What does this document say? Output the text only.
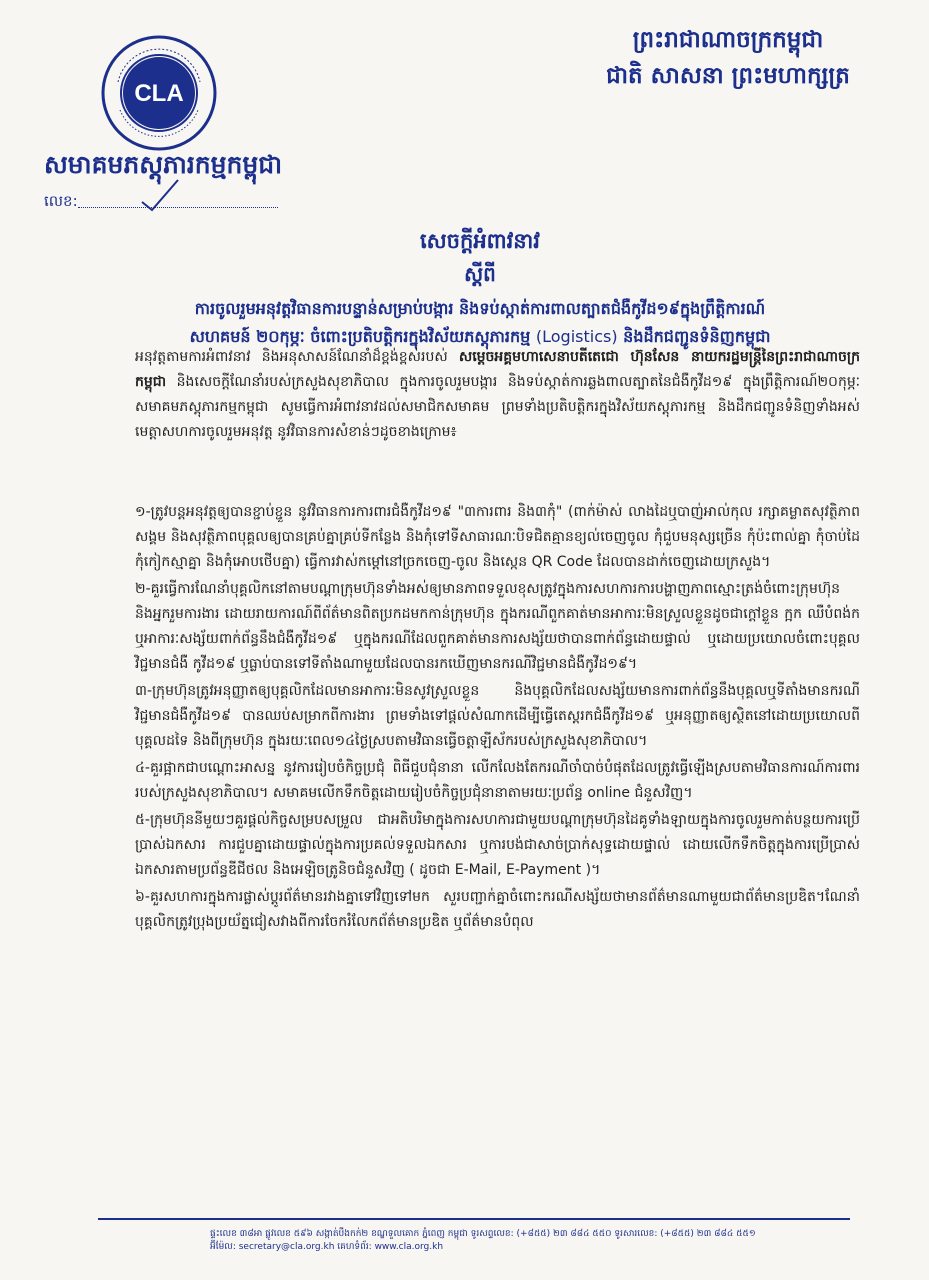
CLA
សមាគមភស្តុភារកម្មកម្ពុជា
លេខ:
ព្រះរាជាណាចក្រកម្ពុជា
ជាតិ សាសនា ព្រះមហាក្សត្រ
សេចក្តីអំពាវនាវ
ស្តីពី
ការចូលរួមអនុវត្តវិធានការបន្ទាន់សម្រាប់បង្ការ និងទប់ស្កាត់ការពាលត្បាតជំងឺកូវីដ១៩ក្នុងព្រឹត្តិការណ៍
សហគមន៍ ២០កុម្ភៈ ចំពោះប្រតិបត្តិករក្នុងវិស័យភស្តុភារកម្ម (Logistics) និងដឹកជញ្ជូនទំនិញកម្ពុជា
អនុវត្តតាមការអំពាវនាវ និងអនុសាសន៍ណែនាំដ៏ខ្ពង់ខ្ពស់របស់ សម្តេចអគ្គមហាសេនាបតីតេជោ ហ៊ុនសែន នាយករដ្ឋមន្ត្រីនៃព្រះរាជាណាចក្រកម្ពុជា និងសេចក្តីណែនាំរបស់ក្រសួងសុខាភិបាល ក្នុងការចូលរួមបង្ការ និងទប់ស្កាត់ការឆ្លងពាលត្បាតនៃជំងឺកូវីដ១៩ ក្នុងព្រឹត្តិការណ៍២០កុម្ភៈ សមាគមភស្តុភារកម្មកម្ពុជា សូមធ្វើការអំពាវនាវដល់សមាជិកសមាគម ព្រមទាំងប្រតិបត្តិករក្នុងវិស័យភស្តុភារកម្ម និងដឹកជញ្ជូនទំនិញទាំងអស់មេត្តាសហការចូលរួមអនុវត្ត នូវវិធានការសំខាន់ៗដូចខាងក្រោម៖
១-ត្រូវបន្តអនុវត្តឲ្យបានខ្ជាប់ខ្ជួន នូវវិធានការការពារជំងឺកូវីដ១៩ "៣ការពារ និង៣កុំ" (ពាក់ម៉ាស់ លាងដៃឬបាញ់អាល់កុល រក្សាគម្លាតសុវត្ថិភាពសង្គម និងសុវត្ថិភាពបុគ្គលឲ្យបានគ្រប់គ្នាគ្រប់ទីកន្លែង និងកុំទៅទីសាធារណៈបិទជិតគ្មានខ្យល់ចេញចូល កុំជួបមនុស្សច្រើន កុំប៉ះពាល់គ្នា កុំចាប់ដៃ កុំកៀកស្មាគ្នា និងកុំអោបថើបគ្នា) ធ្វើការវាស់កម្តៅនៅច្រកចេញ-ចូល និងស្កេន QR Code ដែលបានដាក់ចេញដោយក្រសួង។
២-គួរធ្វើការណែនាំបុគ្គលិកនៅតាមបណ្តាក្រុមហ៊ុនទាំងអស់ឲ្យមានភាពទទួលខុសត្រូវក្នុងការសហការការបង្ហាញភាពស្មោះត្រង់ចំពោះក្រុមហ៊ុន និងអ្នករួមការងារ ដោយរាយការណ៍ពីព័ត៌មានពិតប្រកដមកកាន់ក្រុមហ៊ុន ក្នុងករណីពួកគាត់មានអាការៈមិនស្រួលខ្លួនដូចជាក្តៅខ្លួន ក្អក ឈឺបំពង់ក ឬអាការៈសង្ស័យពាក់ព័ន្ធនឹងជំងឺកូវីដ១៩ ឬក្នុងករណីដែលពួកគាត់មានការសង្ស័យថាបានពាក់ព័ន្ធដោយផ្ទាល់ ឬដោយប្រយោលចំពោះបុគ្គលវិជ្ជមានជំងឺ កូវីដ១៩ ឬធ្លាប់បានទៅទីតាំងណាមួយដែលបានរកឃើញមានករណីវិជ្ជមានជំងឺកូវីដ១៩។
៣-ក្រុមហ៊ុនត្រូវអនុញ្ញាតឲ្យបុគ្គលិកដែលមានអាការៈមិនសូវស្រួលខ្លួន និងបុគ្គលិកដែលសង្ស័យមានការពាក់ព័ន្ធនឹងបុគ្គលឬទីតាំងមានករណីវិជ្ជមានជំងឺកូវីដ១៩ បានឈប់សម្រាកពីការងារ ព្រមទាំងទៅផ្តល់សំណាកដើម្បីធ្វើតេស្តរកជំងឺកូវីដ១៩ ឬអនុញ្ញាតឲ្យស្ថិតនៅដោយប្រយោលពីបុគ្គលដទៃ និងពីក្រុមហ៊ុន ក្នុងរយៈពេល១៤ថ្ងៃស្របតាមវិធានធ្វើចត្តាឡីស័ករបស់ក្រសួងសុខាភិបាល។
៤-គួរផ្អាកជាបណ្តោះអាសន្ន នូវការរៀបចំកិច្ចប្រជុំ ពិធីជួបជុំនានា លើកលែងតែករណីចាំបាច់បំផុតដែលត្រូវធ្វើឡើងស្របតាមវិធានការណ៍ការពាររបស់ក្រសួងសុខាភិបាល។ សមាគមលើកទឹកចិត្តដោយរៀបចំកិច្ចប្រជុំនានាតាមរយៈប្រព័ន្ធ online ជំនួសវិញ។
៥-ក្រុមហ៊ុននីមួយៗគួរផ្តល់កិច្ចសម្របសម្រួល ជាអតិបរិមាក្នុងការសហការជាមួយបណ្តាក្រុមហ៊ុនដៃគូទាំងឡាយក្នុងការចូលរួមកាត់បន្ថយការប្រើប្រាស់ឯកសារ ការជួបគ្នាដោយផ្ទាល់ក្នុងការប្រគល់ទទួលឯកសារ ឬការបង់ជាសាច់ប្រាក់សុទ្ធដោយផ្ទាល់ ដោយលើកទឹកចិត្តក្នុងការប្រើប្រាស់ឯកសារតាមប្រព័ន្ធឌីជីថល និងអេឡិចត្រូនិចជំនួសវិញ ( ដូចជា E-Mail, E-Payment )។
៦-គួរសហការក្នុងការផ្លាស់ប្តូរព័ត៌មានរវាងគ្នាទៅវិញទៅមក សួរបញ្ជាក់គ្នាចំពោះករណីសង្ស័យថាមានព័ត៌មានណាមួយជាព័ត៌មានប្រឌិត។ណែនាំបុគ្គលិកត្រូវប្រុងប្រយ័ត្នជៀសវាងពីការចែករំលែកព័ត៌មានប្រឌិត ឬព័ត៌មានបំពុល
ផ្ទះលេខ ៣៨អា ផ្លូវលេខ ៥៩៦ សង្កាត់បឹងកក់២ ខណ្ឌទួលគោក ភ្នំពេញ កម្ពុជា ទូរសព្ទលេខ: (+៨៥៥) ២៣ ៨៨៤ ៥៥០ ទូរសារលេខ: (+៨៥៥) ២៣ ៨៨៤ ៥៥១
អ៊ីម៉ែល: secretary@cla.org.kh គេហទំព័រ: www.cla.org.kh
